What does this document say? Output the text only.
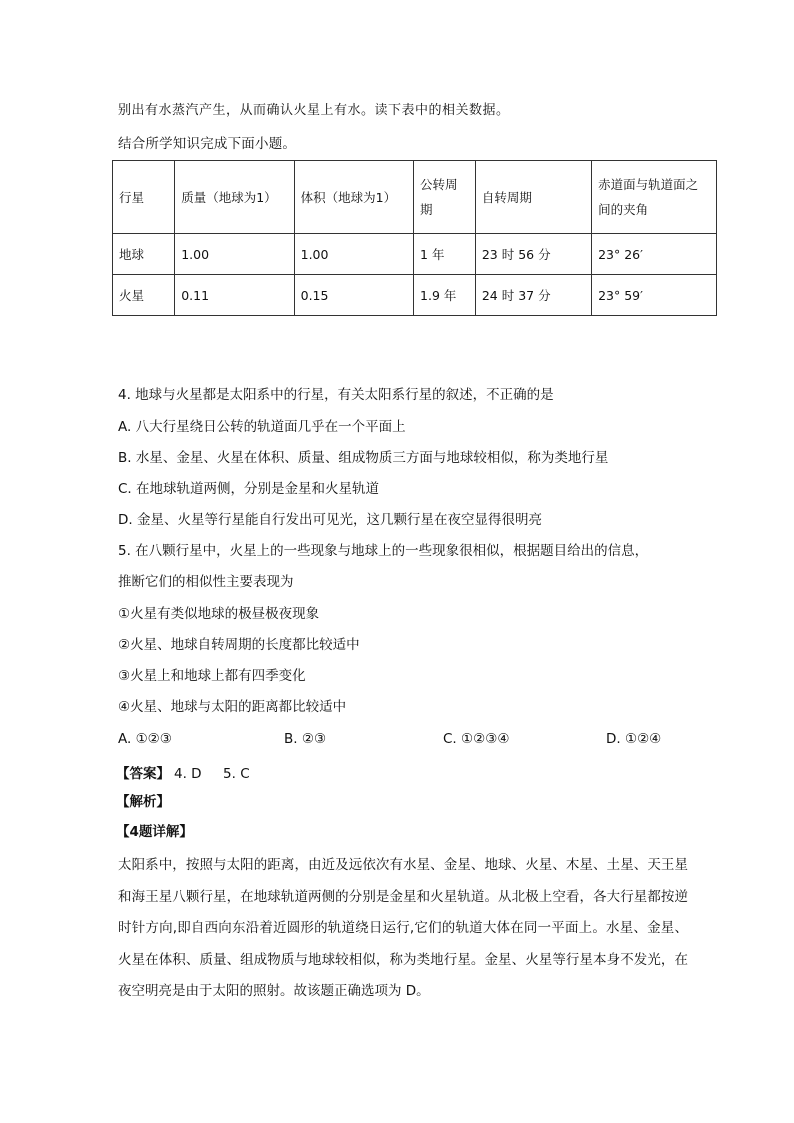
别出有水蒸汽产生，从而确认火星上有水。读下表中的相关数据。
结合所学知识完成下面小题。
行星	质量（地球为1）	体积（地球为1）	公转周期	自转周期	赤道面与轨道面之间的夹角
地球	1.00	1.00	1 年	23 时 56 分	23° 26′
火星	0.11	0.15	1.9 年	24 时 37 分	23° 59′
4. 地球与火星都是太阳系中的行星，有关太阳系行星的叙述，不正确的是
A. 八大行星绕日公转的轨道面几乎在一个平面上
B. 水星、金星、火星在体积、质量、组成物质三方面与地球较相似，称为类地行星
C. 在地球轨道两侧，分别是金星和火星轨道
D. 金星、火星等行星能自行发出可见光，这几颗行星在夜空显得很明亮
5. 在八颗行星中，火星上的一些现象与地球上的一些现象很相似，根据题目给出的信息，
推断它们的相似性主要表现为
①火星有类似地球的极昼极夜现象
②火星、地球自转周期的长度都比较适中
③火星上和地球上都有四季变化
④火星、地球与太阳的距离都比较适中
A. ①②③	B. ②③	C. ①②③④	D. ①②④
【答案】 4. D     5. C
【解析】
【4题详解】
太阳系中，按照与太阳的距离，由近及远依次有水星、金星、地球、火星、木星、土星、天王星和海王星八颗行星，在地球轨道两侧的分别是金星和火星轨道。从北极上空看，各大行星都按逆时针方向,即自西向东沿着近圆形的轨道绕日运行,它们的轨道大体在同一平面上。水星、金星、火星在体积、质量、组成物质与地球较相似，称为类地行星。金星、火星等行星本身不发光，在夜空明亮是由于太阳的照射。故该题正确选项为 D。
